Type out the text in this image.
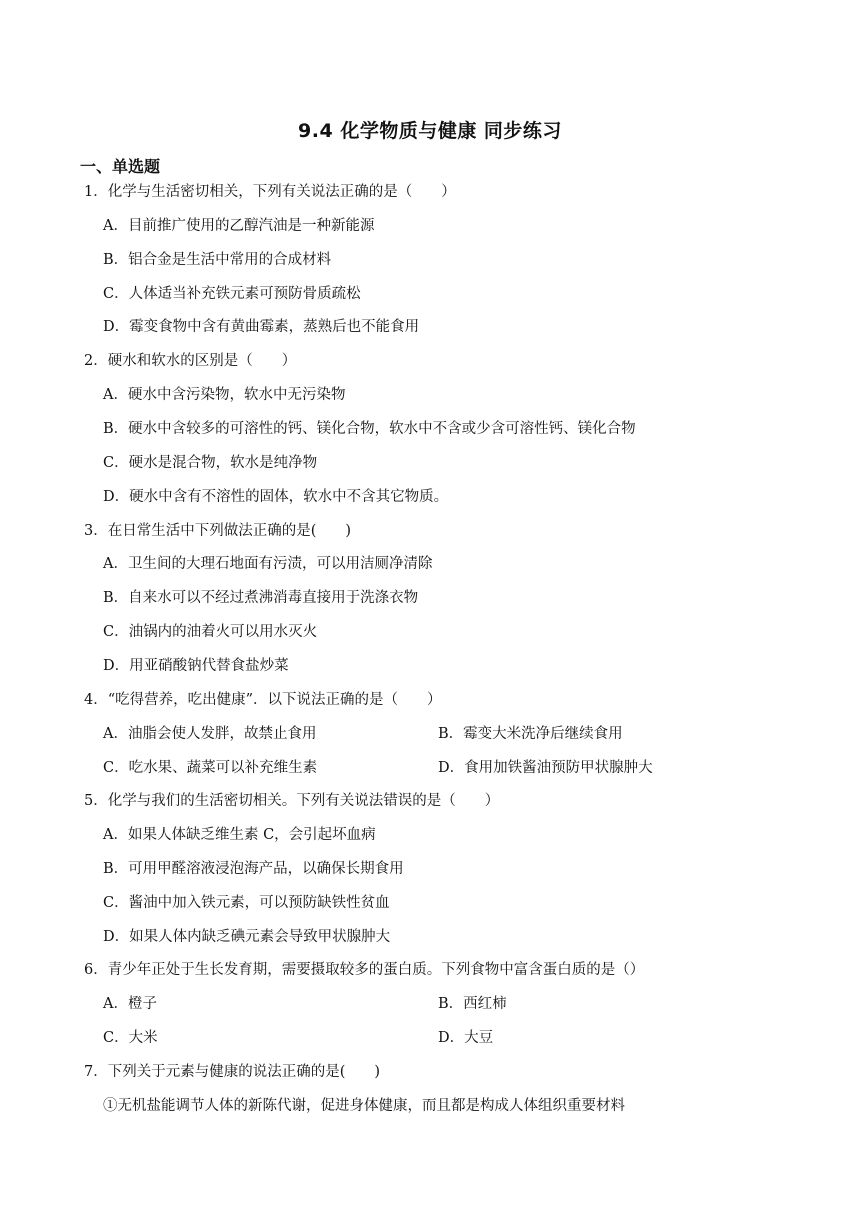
9.4 化学物质与健康 同步练习
一、单选题
1．化学与生活密切相关，下列有关说法正确的是（　　）
A．目前推广使用的乙醇汽油是一种新能源
B．铝合金是生活中常用的合成材料
C．人体适当补充铁元素可预防骨质疏松
D．霉变食物中含有黄曲霉素，蒸熟后也不能食用
2．硬水和软水的区别是（　　）
A．硬水中含污染物，软水中无污染物
B．硬水中含较多的可溶性的钙、镁化合物，软水中不含或少含可溶性钙、镁化合物
C．硬水是混合物，软水是纯净物
D．硬水中含有不溶性的固体，软水中不含其它物质。
3．在日常生活中下列做法正确的是(　　)
A．卫生间的大理石地面有污渍，可以用洁厕净清除
B．自来水可以不经过煮沸消毒直接用于洗涤衣物
C．油锅内的油着火可以用水灭火
D．用亚硝酸钠代替食盐炒菜
4．“吃得营养，吃出健康”．以下说法正确的是（　　）
A．油脂会使人发胖，故禁止食用	B．霉变大米洗净后继续食用
C．吃水果、蔬菜可以补充维生素	D．食用加铁酱油预防甲状腺肿大
5．化学与我们的生活密切相关。下列有关说法错误的是（　　）
A．如果人体缺乏维生素 C，会引起坏血病
B．可用甲醛溶液浸泡海产品，以确保长期食用
C．酱油中加入铁元素，可以预防缺铁性贫血
D．如果人体内缺乏碘元素会导致甲状腺肿大
6．青少年正处于生长发育期，需要摄取较多的蛋白质。下列食物中富含蛋白质的是（）
A．橙子	B．西红柿
C．大米	D．大豆
7．下列关于元素与健康的说法正确的是(　　)
①无机盐能调节人体的新陈代谢，促进身体健康，而且都是构成人体组织重要材料
